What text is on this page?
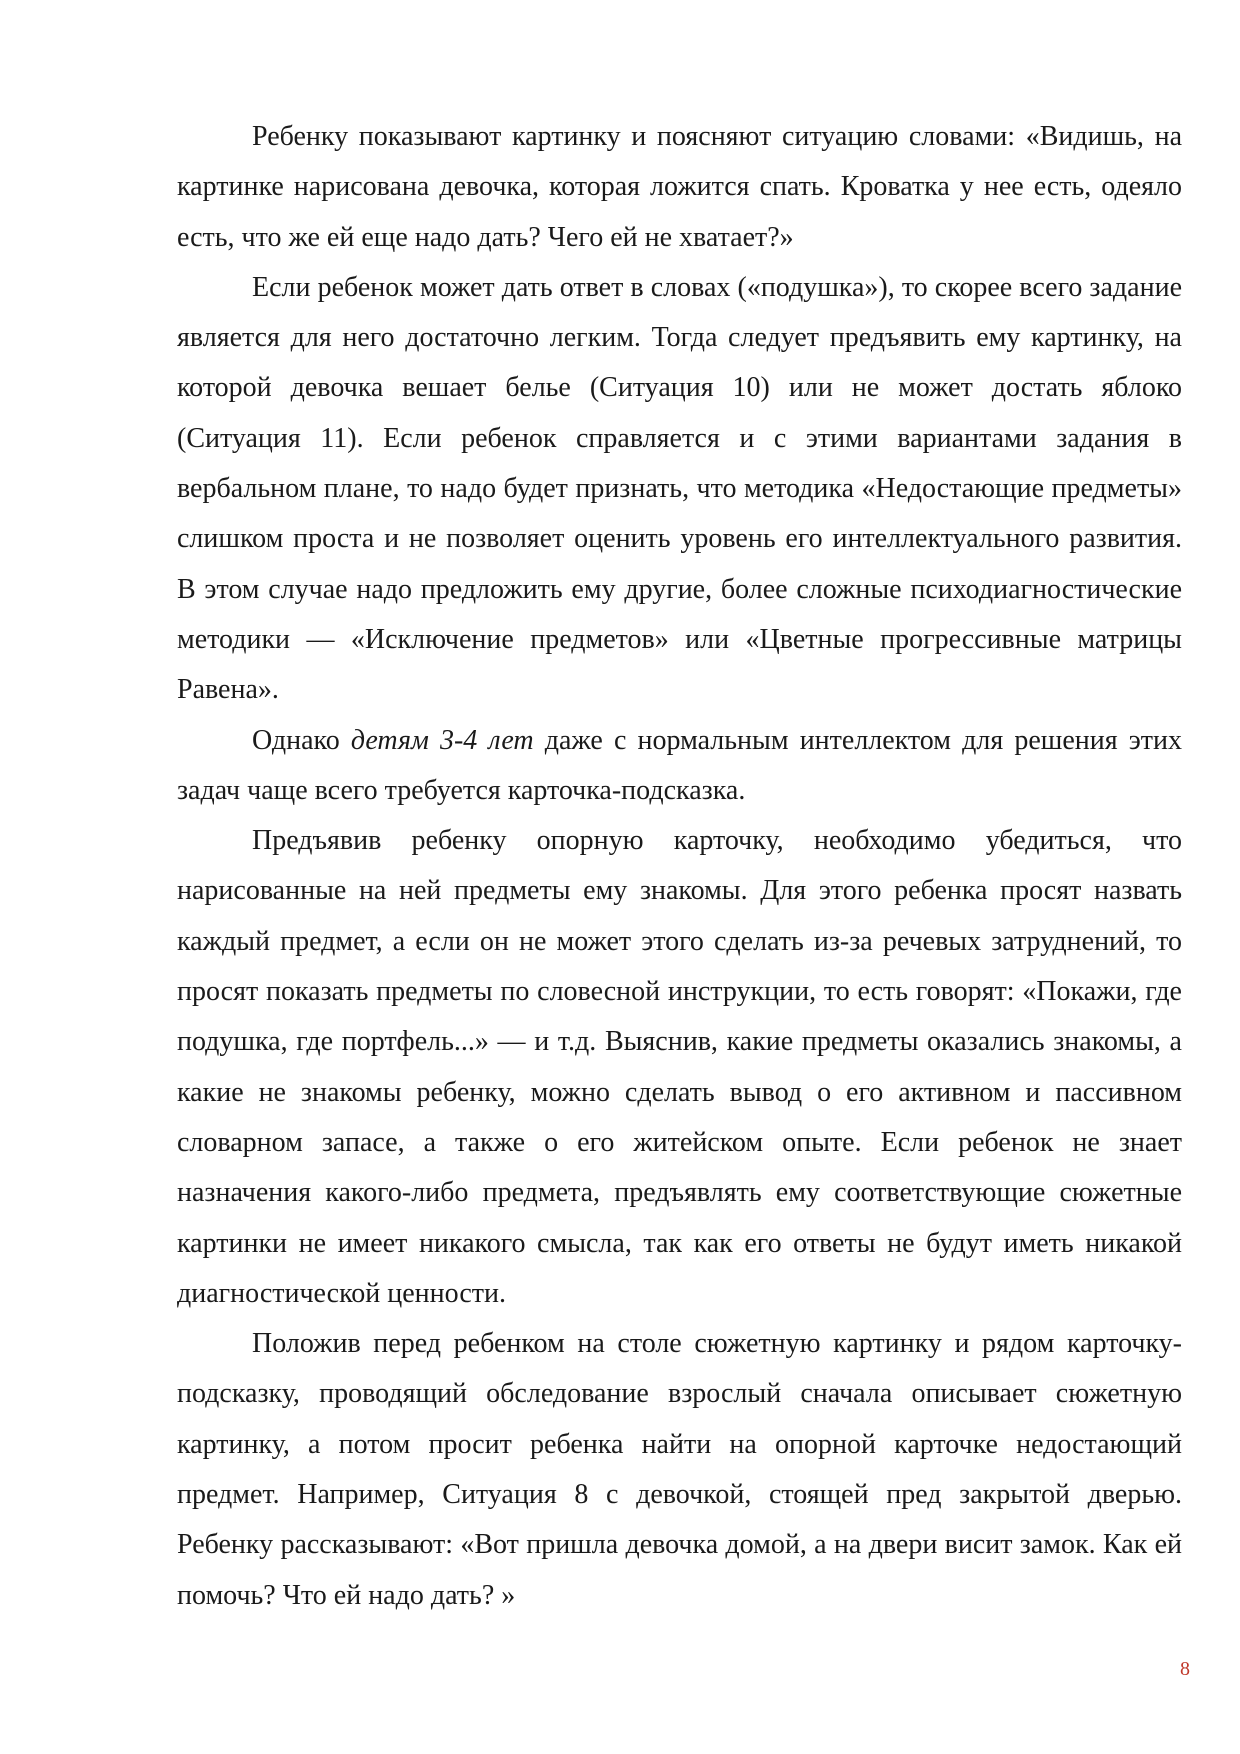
Ребенку показывают картинку и поясняют ситуацию словами: «Видишь, на картинке нарисована девочка, которая ложится спать. Кроватка у нее есть, одеяло есть, что же ей еще надо дать? Чего ей не хватает?»

Если ребенок может дать ответ в словах («подушка»), то скорее всего задание является для него достаточно легким. Тогда следует предъявить ему картинку, на которой девочка вешает белье (Ситуация 10) или не может достать яблоко (Ситуация 11). Если ребенок справляется и с этими вариантами задания в вербальном плане, то надо будет признать, что методика «Недостающие предметы» слишком проста и не позволяет оценить уровень его интеллектуального развития. В этом случае надо предложить ему другие, более сложные психодиагностические методики — «Исключение предметов» или «Цветные прогрессивные матрицы Равена».

Однако детям 3-4 лет даже с нормальным интеллектом для решения этих задач чаще всего требуется карточка-подсказка.

Предъявив ребенку опорную карточку, необходимо убедиться, что нарисованные на ней предметы ему знакомы. Для этого ребенка просят назвать каждый предмет, а если он не может этого сделать из-за речевых затруднений, то просят показать предметы по словесной инструкции, то есть говорят: «Покажи, где подушка, где портфель...» — и т.д. Выяснив, какие предметы оказались знакомы, а какие не знакомы ребенку, можно сделать вывод о его активном и пассивном словарном запасе, а также о его житейском опыте. Если ребенок не знает назначения какого-либо предмета, предъявлять ему соответствующие сюжетные картинки не имеет никакого смысла, так как его ответы не будут иметь никакой диагностической ценности.

Положив перед ребенком на столе сюжетную картинку и рядом карточку-подсказку, проводящий обследование взрослый сначала описывает сюжетную картинку, а потом просит ребенка найти на опорной карточке недостающий предмет. Например, Ситуация 8 с девочкой, стоящей пред закрытой дверью. Ребенку рассказывают: «Вот пришла девочка домой, а на двери висит замок. Как ей помочь? Что ей надо дать? »

8
